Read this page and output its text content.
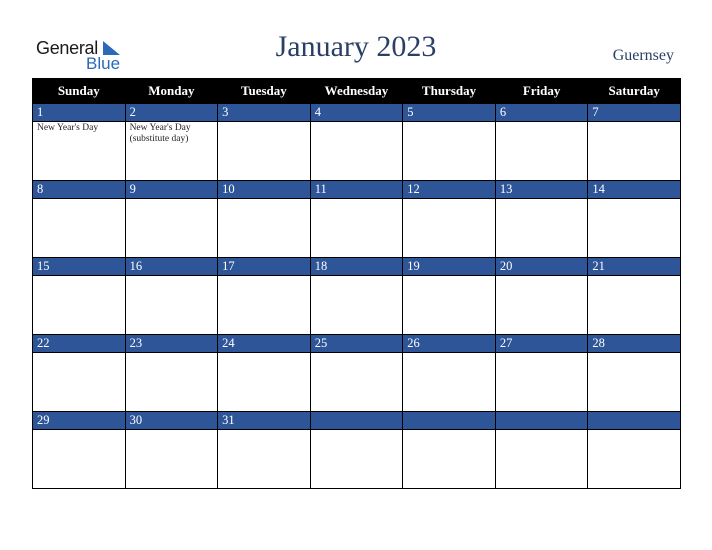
General
Blue
January 2023	Guernsey
Sunday	Monday	Tuesday	Wednesday	Thursday	Friday	Saturday
1	2	3	4	5	6	7

New Year's Day	New Year's Day
(substitute day)					

8	9	10	11	12	13	14

15	16	17	18	19	20	21

22	23	24	25	26	27	28

29	30	31				
